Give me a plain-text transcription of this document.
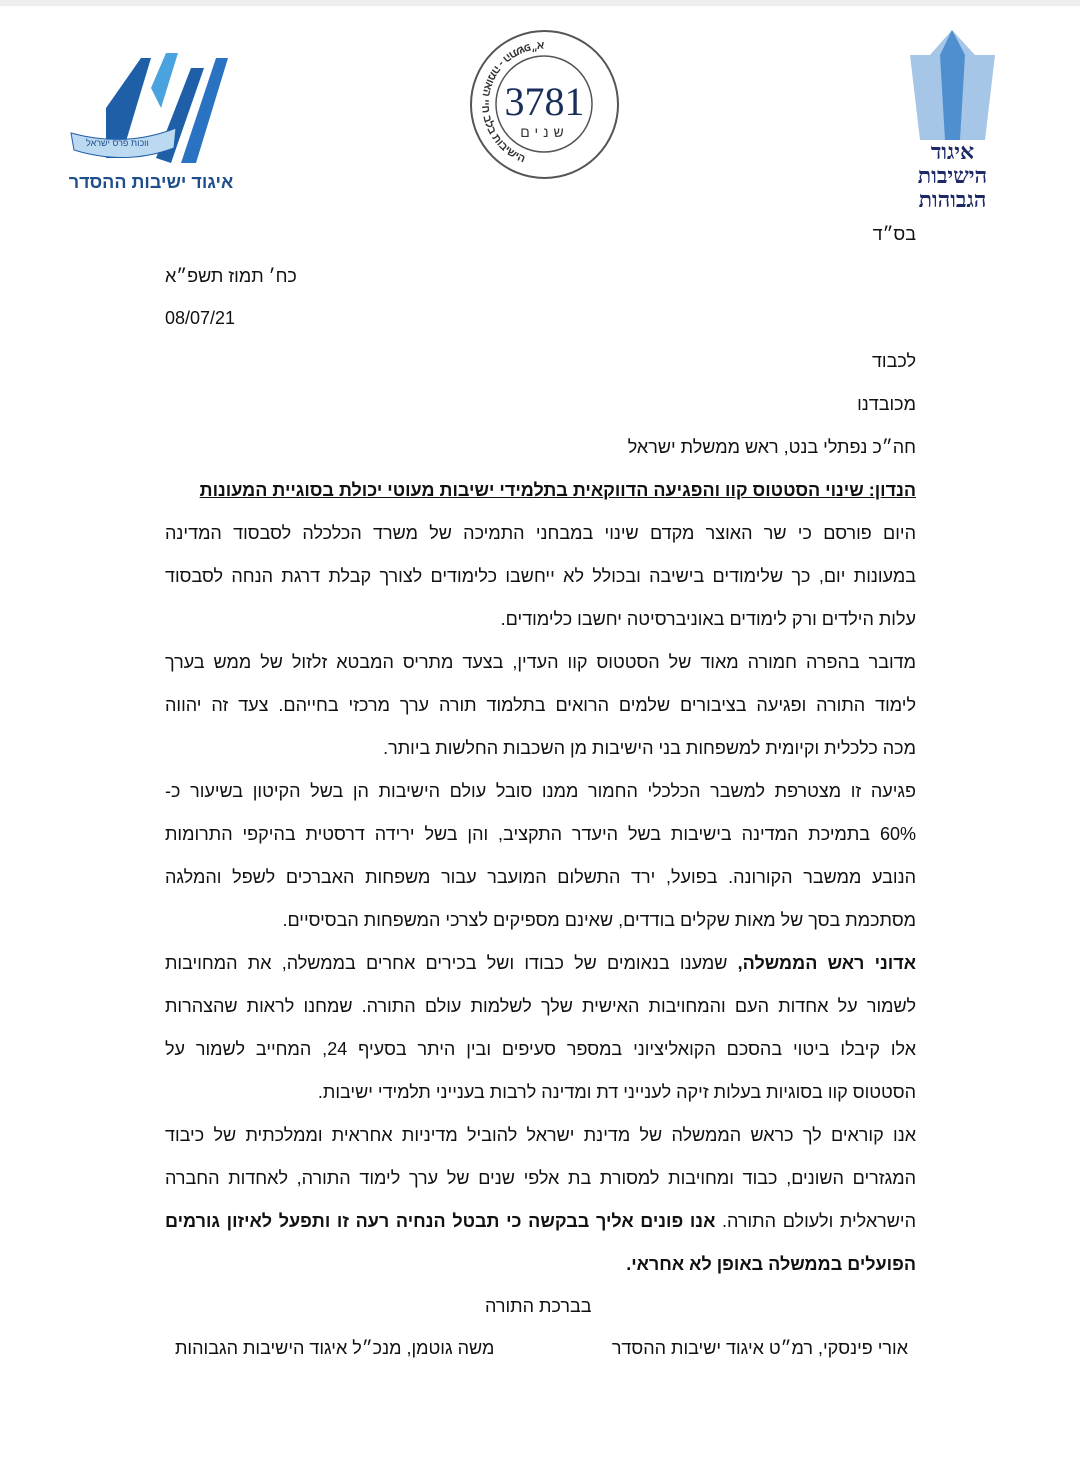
ווכות פרס ישראל
איגוד ישיבות ההסדר
3781
שנים
הישיבות בלב חיי האומה - התשפ״א	איגוד
הישיבות
הגבוהות
בס״ד
כח׳ תמוז תשפ״א
08/07/21
לכבוד
מכובדנו
חה״כ נפתלי בנט, ראש ממשלת ישראל
הנדון: שינוי הסטטוס קוו והפגיעה הדווקאית בתלמידי ישיבות מעוטי יכולת בסוגיית המעונות
היום פורסם כי שר האוצר מקדם שינוי במבחני התמיכה של משרד הכלכלה לסבסוד המדינה
במעונות יום, כך שלימודים בישיבה ובכולל לא ייחשבו כלימודים לצורך קבלת דרגת הנחה לסבסוד
עלות הילדים ורק לימודים באוניברסיטה יחשבו כלימודים.
מדובר בהפרה חמורה מאוד של הסטטוס קוו העדין, בצעד מתריס המבטא זלזול של ממש בערך
לימוד התורה ופגיעה בציבורים שלמים הרואים בתלמוד תורה ערך מרכזי בחייהם. צעד זה יהווה
מכה כלכלית וקיומית למשפחות בני הישיבות מן השכבות החלשות ביותר.
פגיעה זו מצטרפת למשבר הכלכלי החמור ממנו סובל עולם הישיבות הן בשל הקיטון בשיעור כ-
60% בתמיכת המדינה בישיבות בשל היעדר התקציב, והן בשל ירידה דרסטית בהיקפי התרומות
הנובע ממשבר הקורונה. בפועל, ירד התשלום המועבר עבור משפחות האברכים לשפל והמלגה
מסתכמת בסך של מאות שקלים בודדים, שאינם מספיקים לצרכי המשפחות הבסיסיים.
אדוני ראש הממשלה, שמענו בנאומים של כבודו ושל בכירים אחרים בממשלה, את המחויבות
לשמור על אחדות העם והמחויבות האישית שלך לשלמות עולם התורה. שמחנו לראות שהצהרות
אלו קיבלו ביטוי בהסכם הקואליציוני במספר סעיפים ובין היתר בסעיף 24, המחייב לשמור על
הסטטוס קוו בסוגיות בעלות זיקה לענייני דת ומדינה לרבות בענייני תלמידי ישיבות.
אנו קוראים לך כראש הממשלה של מדינת ישראל להוביל מדיניות אחראית וממלכתית של כיבוד
המגזרים השונים, כבוד ומחויבות למסורת בת אלפי שנים של ערך לימוד התורה, לאחדות החברה
הישראלית ולעולם התורה. אנו פונים אליך בבקשה כי תבטל הנחיה רעה זו ותפעל לאיזון גורמים
הפועלים בממשלה באופן לא אחראי.
בברכת התורה
אורי פינסקי, רמ״ט איגוד ישיבות ההסדר
משה גוטמן, מנכ״ל איגוד הישיבות הגבוהות
